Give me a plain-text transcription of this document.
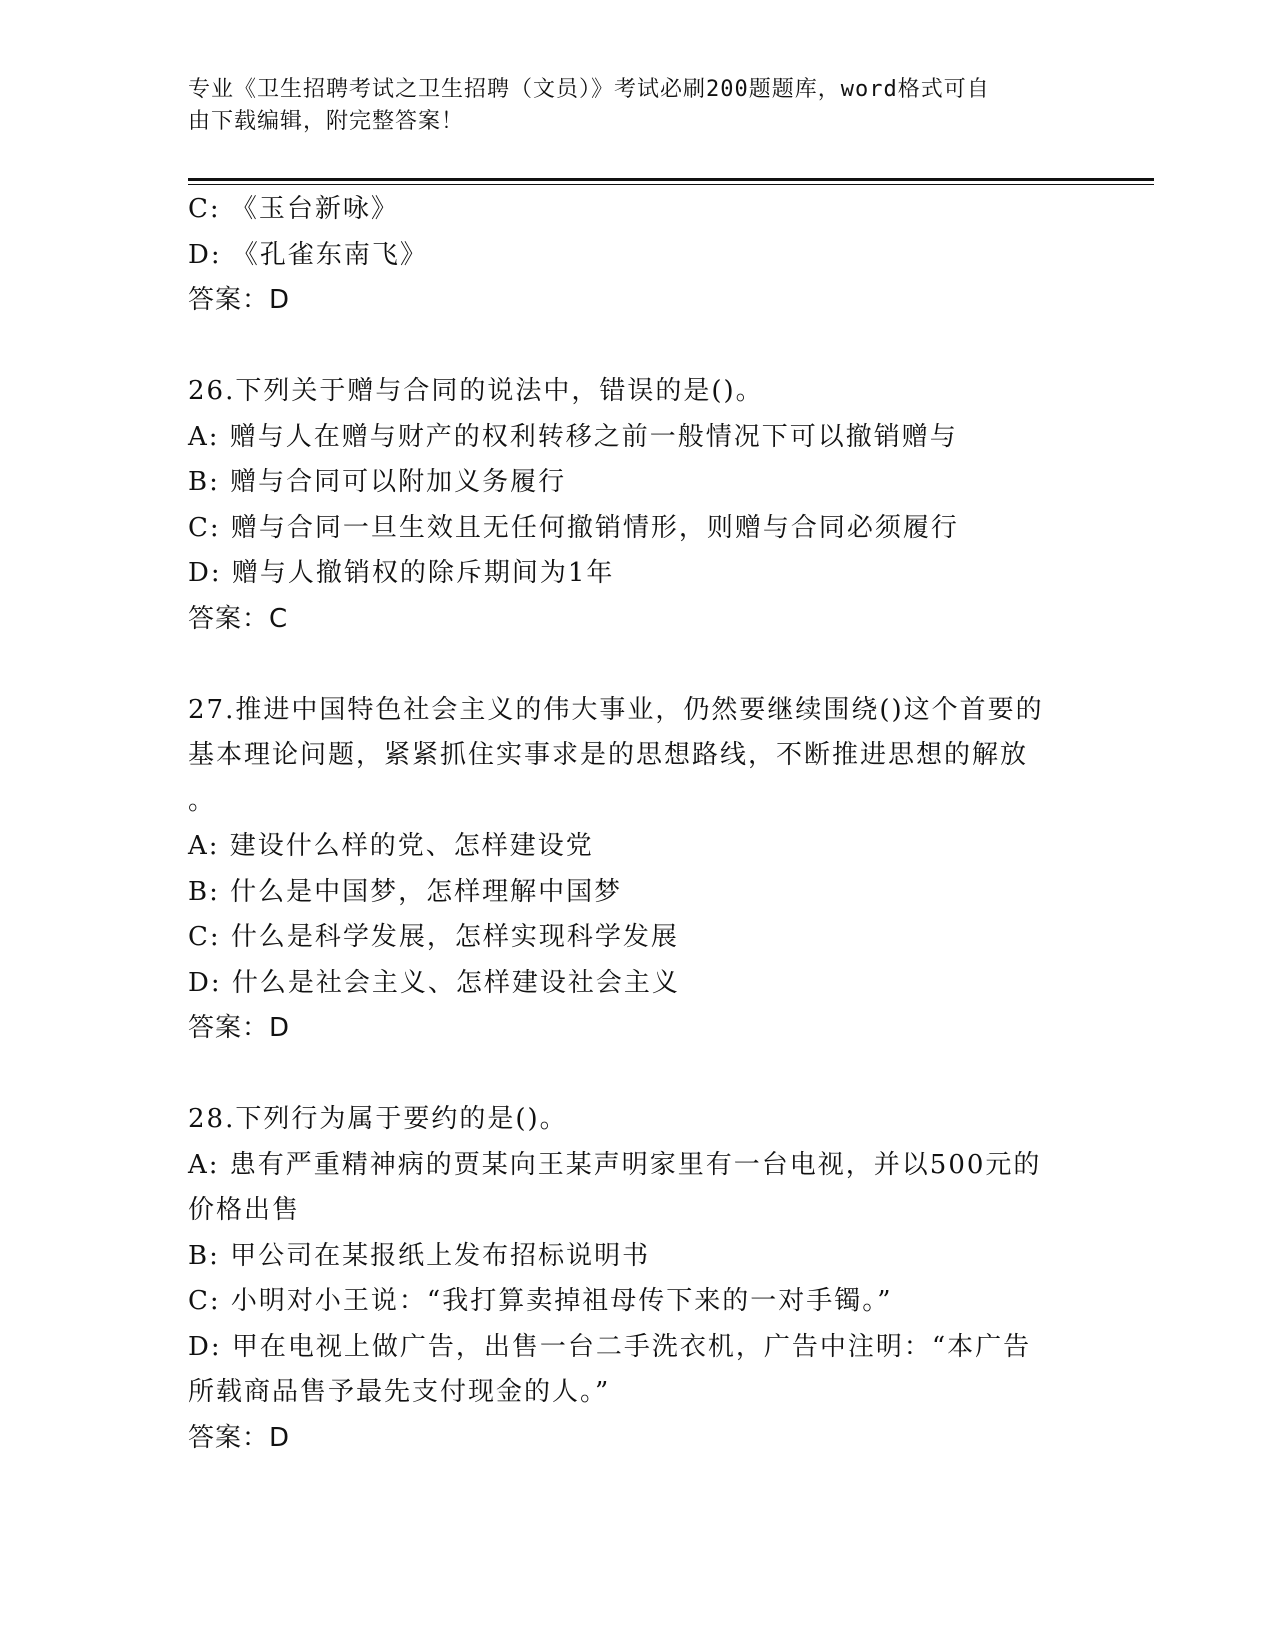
专业《卫生招聘考试之卫生招聘（文员）》考试必刷200题题库，word格式可自
由下载编辑，附完整答案！
C: 《玉台新咏》
D: 《孔雀东南飞》
答案：D
26.下列关于赠与合同的说法中，错误的是()。
A: 赠与人在赠与财产的权利转移之前一般情况下可以撤销赠与
B: 赠与合同可以附加义务履行
C: 赠与合同一旦生效且无任何撤销情形，则赠与合同必须履行
D: 赠与人撤销权的除斥期间为1年
答案：C
27.推进中国特色社会主义的伟大事业，仍然要继续围绕()这个首要的
基本理论问题，紧紧抓住实事求是的思想路线，不断推进思想的解放
。
A: 建设什么样的党、怎样建设党
B: 什么是中国梦，怎样理解中国梦
C: 什么是科学发展，怎样实现科学发展
D: 什么是社会主义、怎样建设社会主义
答案：D
28.下列行为属于要约的是()。
A: 患有严重精神病的贾某向王某声明家里有一台电视，并以500元的
价格出售
B: 甲公司在某报纸上发布招标说明书
C: 小明对小王说：“我打算卖掉祖母传下来的一对手镯。”
D: 甲在电视上做广告，出售一台二手洗衣机，广告中注明：“本广告
所载商品售予最先支付现金的人。”
答案：D
